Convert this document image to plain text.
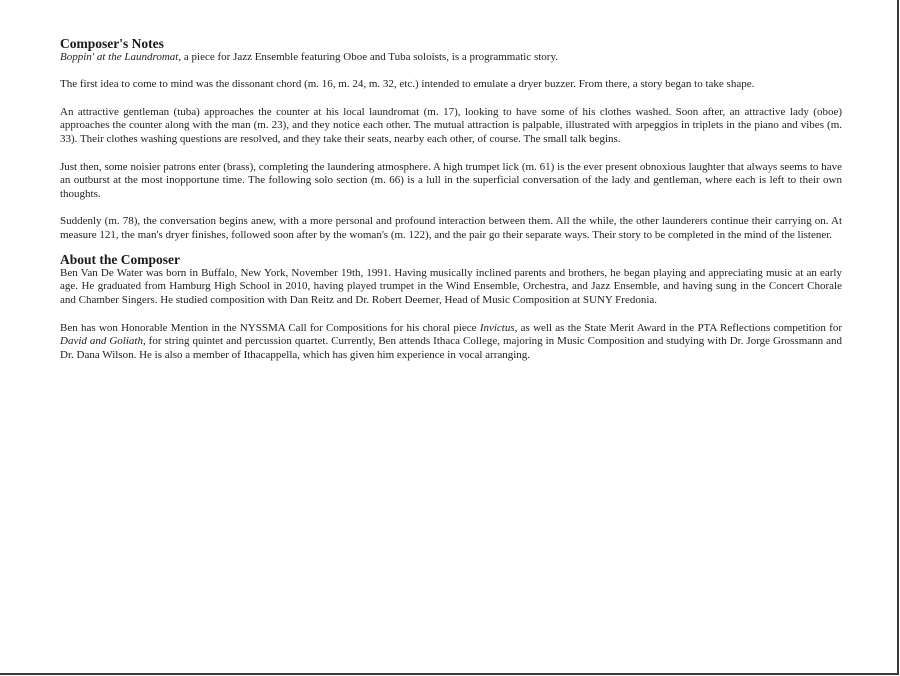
Composer's Notes

Boppin' at the Laundromat, a piece for Jazz Ensemble featuring Oboe and Tuba soloists, is a programmatic story.

The first idea to come to mind was the dissonant chord (m. 16, m. 24, m. 32, etc.) intended to emulate a dryer buzzer. From there, a story began to take shape.

An attractive gentleman (tuba) approaches the counter at his local laundromat (m. 17), looking to have some of his clothes washed. Soon after, an attractive lady (oboe) approaches the counter along with the man (m. 23), and they notice each other. The mutual attraction is palpable, illustrated with arpeggios in triplets in the piano and vibes (m. 33). Their clothes washing questions are resolved, and they take their seats, nearby each other, of course. The small talk begins.

Just then, some noisier patrons enter (brass), completing the laundering atmosphere. A high trumpet lick (m. 61) is the ever present obnoxious laughter that always seems to have an outburst at the most inopportune time. The following solo section (m. 66) is a lull in the superficial conversation of the lady and gentleman, where each is left to their own thoughts.

Suddenly (m. 78), the conversation begins anew, with a more personal and profound interaction between them. All the while, the other launderers continue their carrying on. At measure 121, the man's dryer finishes, followed soon after by the woman's (m. 122), and the pair go their separate ways. Their story to be completed in the mind of the listener.

About the Composer

Ben Van De Water was born in Buffalo, New York, November 19th, 1991. Having musically inclined parents and brothers, he began playing and appreciating music at an early age. He graduated from Hamburg High School in 2010, having played trumpet in the Wind Ensemble, Orchestra, and Jazz Ensemble, and having sung in the Concert Chorale and Chamber Singers. He studied composition with Dan Reitz and Dr. Robert Deemer, Head of Music Composition at SUNY Fredonia.

Ben has won Honorable Mention in the NYSSMA Call for Compositions for his choral piece Invictus, as well as the State Merit Award in the PTA Reflections competition for David and Goliath, for string quintet and percussion quartet. Currently, Ben attends Ithaca College, majoring in Music Composition and studying with Dr. Jorge Grossmann and Dr. Dana Wilson. He is also a member of Ithacappella, which has given him experience in vocal arranging.
